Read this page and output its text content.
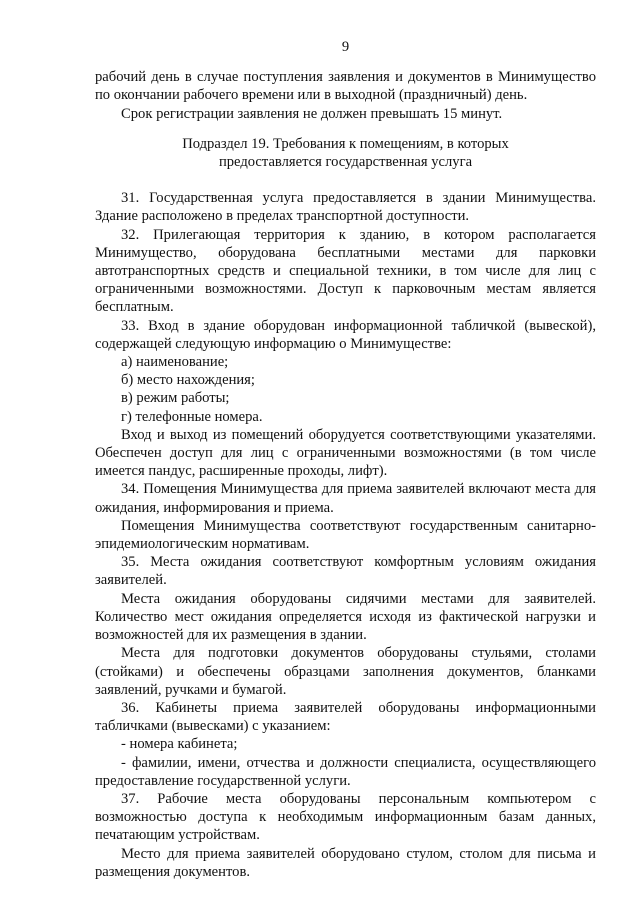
9

рабочий день в случае поступления заявления и документов в Минимущество по окончании рабочего времени или в выходной (праздничный) день.

Срок регистрации заявления не должен превышать 15 минут.

Подраздел 19. Требования к помещениям, в которых
предоставляется государственная услуга

31. Государственная услуга предоставляется в здании Минимущества. Здание расположено в пределах транспортной доступности.

32. Прилегающая территория к зданию, в котором располагается Минимущество, оборудована бесплатными местами для парковки автотранспортных средств и специальной техники, в том числе для лиц с ограниченными возможностями. Доступ к парковочным местам является бесплатным.

33. Вход в здание оборудован информационной табличкой (вывеской), содержащей следующую информацию о Минимуществе:

а) наименование;

б) место нахождения;

в) режим работы;

г) телефонные номера.

Вход и выход из помещений оборудуется соответствующими указателями. Обеспечен доступ для лиц с ограниченными возможностями (в том числе имеется пандус, расширенные проходы, лифт).

34. Помещения Минимущества для приема заявителей включают места для ожидания, информирования и приема.

Помещения Минимущества соответствуют государственным санитарно-эпидемиологическим нормативам.

35. Места ожидания соответствуют комфортным условиям ожидания заявителей.

Места ожидания оборудованы сидячими местами для заявителей. Количество мест ожидания определяется исходя из фактической нагрузки и возможностей для их размещения в здании.

Места для подготовки документов оборудованы стульями, столами (стойками) и обеспечены образцами заполнения документов, бланками заявлений, ручками и бумагой.

36. Кабинеты приема заявителей оборудованы информационными табличками (вывесками) с указанием:

- номера кабинета;

- фамилии, имени, отчества и должности специалиста, осуществляющего предоставление государственной услуги.

37. Рабочие места оборудованы персональным компьютером с возможностью доступа к необходимым информационным базам данных, печатающим устройствам.

Место для приема заявителей оборудовано стулом, столом для письма и размещения документов.
